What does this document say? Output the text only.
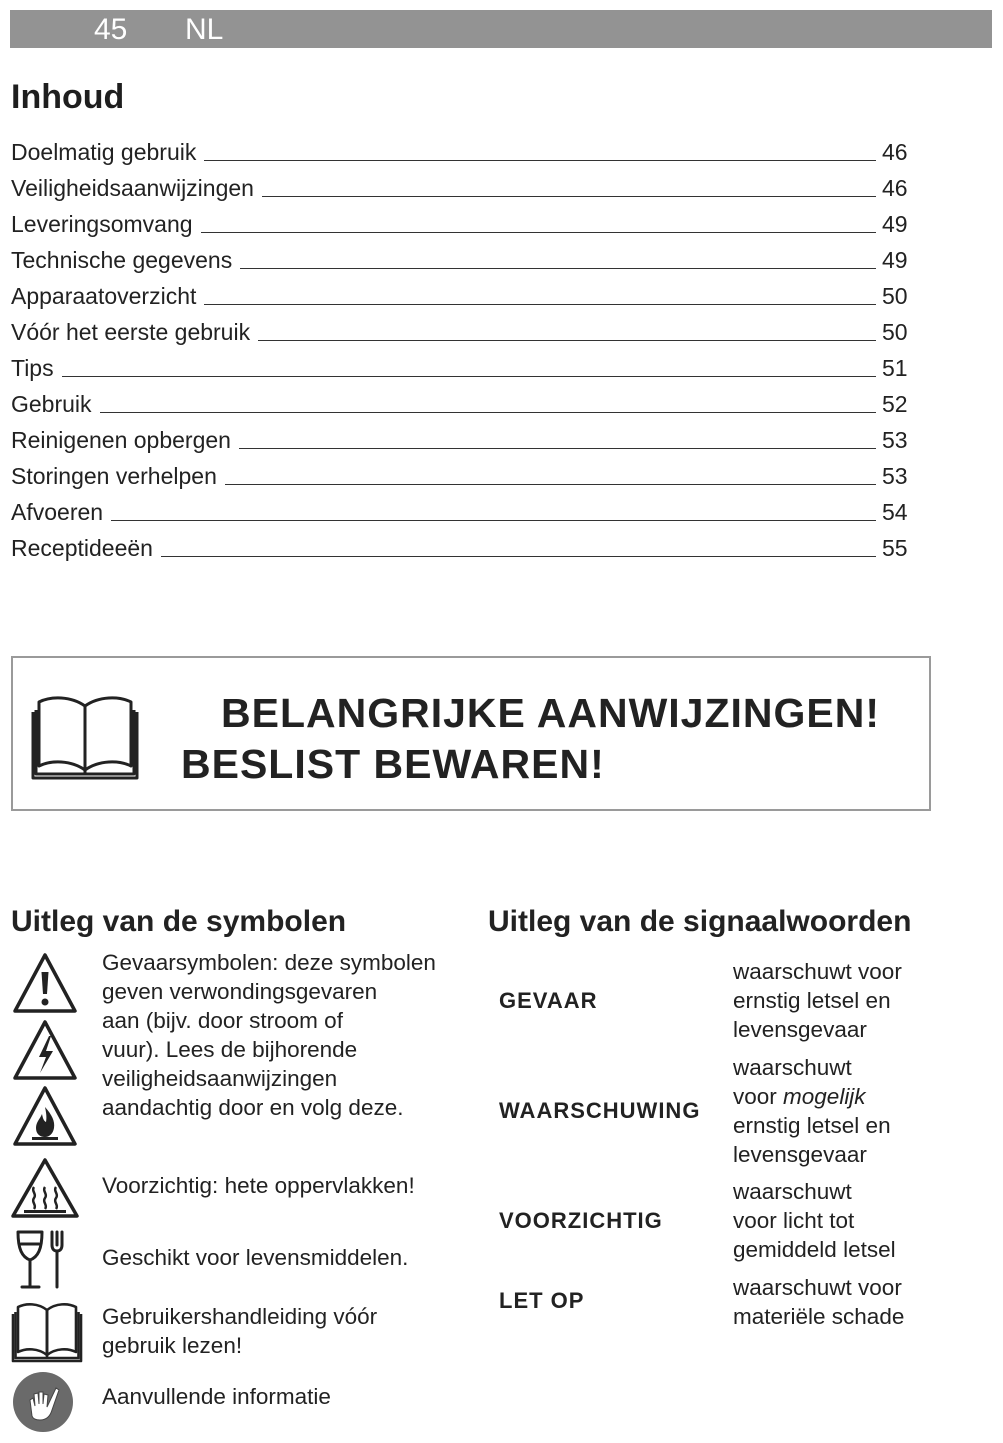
45 NL
Inhoud
Doelmatig gebruik	46
Veiligheidsaanwijzingen	46
Leveringsomvang	49
Technische gegevens	49
Apparaatoverzicht	50
Vóór het eerste gebruik	50
Tips	51
Gebruik	52
Reinigenen opbergen	53
Storingen verhelpen	53
Afvoeren	54
Receptideeën	55
BELANGRIJKE AANWIJZINGEN!
BESLIST BEWAREN!
Uitleg van de symbolen
Gevaarsymbolen: deze symbolen
geven verwondingsgevaren
aan (bijv. door stroom of
vuur). Lees de bijhorende
veiligheidsaanwijzingen
aandachtig door en volg deze.
Voorzichtig: hete oppervlakken!
Geschikt voor levensmiddelen.
Gebruikershandleiding vóór
gebruik lezen!
Aanvullende informatie
Uitleg van de signaalwoorden
GEVAAR
waarschuwt voor
ernstig letsel en
levensgevaar
WAARSCHUWING
waarschuwt
voor mogelijk
ernstig letsel en
levensgevaar
VOORZICHTIG
waarschuwt
voor licht tot
gemiddeld letsel
LET OP
waarschuwt voor
materiële schade
